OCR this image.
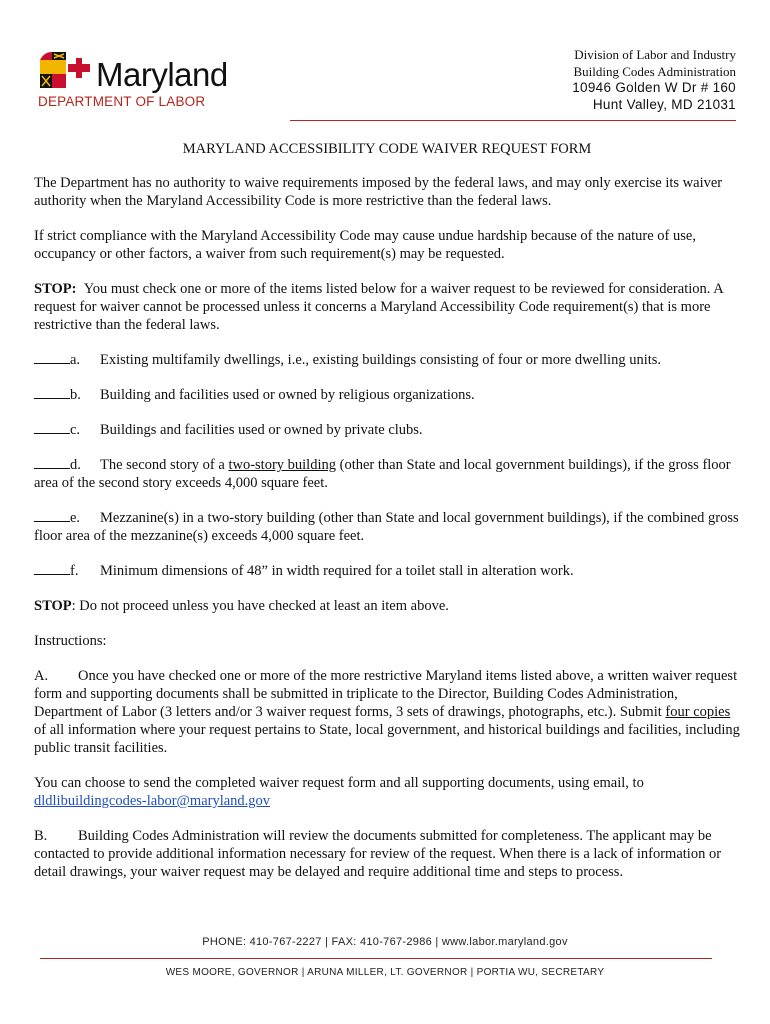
Maryland
DEPARTMENT OF LABOR
Division of Labor and Industry
Building Codes Administration
10946 Golden W Dr # 160
Hunt Valley, MD 21031

MARYLAND ACCESSIBILITY CODE WAIVER REQUEST FORM

The Department has no authority to waive requirements imposed by the federal laws, and may only exercise its waiver authority when the Maryland Accessibility Code is more restrictive than the federal laws.

If strict compliance with the Maryland Accessibility Code may cause undue hardship because of the nature of use, occupancy or other factors, a waiver from such requirement(s) may be requested.

STOP: You must check one or more of the items listed below for a waiver request to be reviewed for consideration. A request for waiver cannot be processed unless it concerns a Maryland Accessibility Code requirement(s) that is more restrictive than the federal laws.

a. Existing multifamily dwellings, i.e., existing buildings consisting of four or more dwelling units.

b. Building and facilities used or owned by religious organizations.

c. Buildings and facilities used or owned by private clubs.

d. The second story of a two-story building (other than State and local government buildings), if the gross floor area of the second story exceeds 4,000 square feet.

e. Mezzanine(s) in a two-story building (other than State and local government buildings), if the combined gross floor area of the mezzanine(s) exceeds 4,000 square feet.

f. Minimum dimensions of 48” in width required for a toilet stall in alteration work.

STOP: Do not proceed unless you have checked at least an item above.

Instructions:

A. Once you have checked one or more of the more restrictive Maryland items listed above, a written waiver request form and supporting documents shall be submitted in triplicate to the Director, Building Codes Administration, Department of Labor (3 letters and/or 3 waiver request forms, 3 sets of drawings, photographs, etc.). Submit four copies of all information where your request pertains to State, local government, and historical buildings and facilities, including public transit facilities.

You can choose to send the completed waiver request form and all supporting documents, using email, to
dldlibuildingcodes-labor@maryland.gov

B. Building Codes Administration will review the documents submitted for completeness. The applicant may be contacted to provide additional information necessary for review of the request. When there is a lack of information or detail drawings, your waiver request may be delayed and require additional time and steps to process.

PHONE: 410-767-2227 | FAX: 410-767-2986 | www.labor.maryland.gov
WES MOORE, GOVERNOR | ARUNA MILLER, LT. GOVERNOR | PORTIA WU, SECRETARY
